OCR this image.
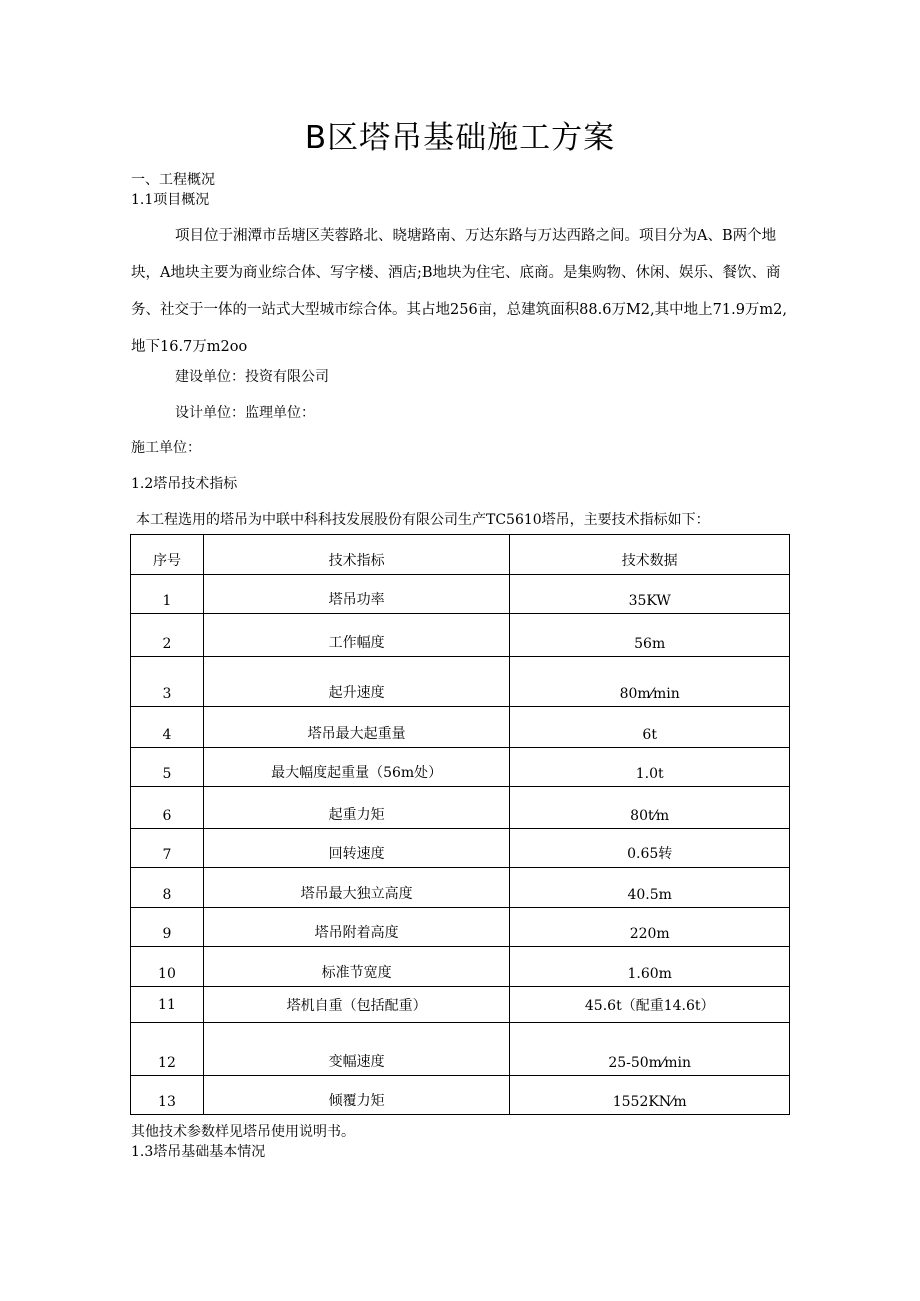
B区塔吊基础施工方案
一、工程概况
1.1项目概况

项目位于湘潭市岳塘区芙蓉路北、晓塘路南、万达东路与万达西路之间。项目分为A、B两个地块，A地块主要为商业综合体、写字楼、酒店;B地块为住宅、底商。是集购物、休闲、娱乐、餐饮、商务、社交于一体的一站式大型城市综合体。其占地256亩，总建筑面积88.6万M2,其中地上71.9万m2,地下16.7万m2oo

建设单位：投资有限公司
设计单位：监理单位：
施工单位：
1.2塔吊技术指标
本工程选用的塔吊为中联中科科技发展股份有限公司生产TC5610塔吊，主要技术指标如下：
序号	技术指标	技术数据
1	塔吊功率	35KW
2	工作幅度	56m
3	起升速度	80m⁄min
4	塔吊最大起重量	6t
5	最大幅度起重量（56m处）	1.0t
6	起重力矩	80t⁄m
7	回转速度	0.65转
8	塔吊最大独立高度	40.5m
9	塔吊附着高度	220m
10	标准节宽度	1.60m
11	塔机自重（包括配重）	45.6t（配重14.6t）
12	变幅速度	25-50m⁄min
13	倾覆力矩	1552KN⁄m
其他技术参数样见塔吊使用说明书。
1.3塔吊基础基本情况
